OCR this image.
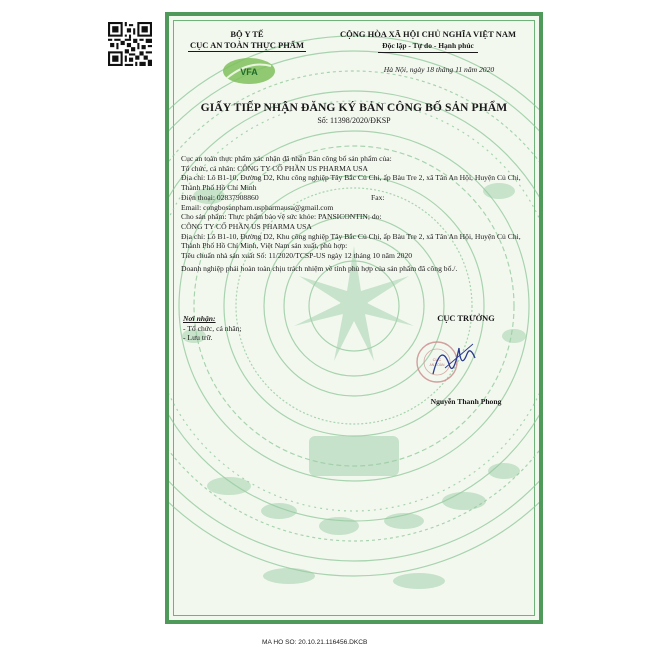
BỘ Y TẾ
CỤC AN TOÀN THỰC PHẨM
VFA
CỘNG HÒA XÃ HỘI CHỦ NGHĨA VIỆT NAM
Độc lập - Tự do - Hạnh phúc
Hà Nội, ngày 18 tháng 11 năm 2020
GIẤY TIẾP NHẬN ĐĂNG KÝ BẢN CÔNG BỐ SẢN PHẨM
Số: 11398/2020/ĐKSP

Cục an toàn thực phẩm xác nhận đã nhận Bản công bố sản phẩm của:

Tổ chức, cá nhân: CÔNG TY CỔ PHẦN US PHARMA USA

Địa chỉ: Lô B1-10, Đường D2, Khu công nghiệp Tây Bắc Củ Chi, ấp Bàu Tre 2, xã Tân An Hội, Huyện Củ Chi, Thành Phố Hồ Chí Minh

Điện thoại: 02837908860	Fax:

Email: congbosanpham.uspharmausa@gmail.com

Cho sản phẩm: Thực phẩm bảo vệ sức khỏe: PANSICONTIN; do:

CÔNG TY CỔ PHẦN US PHARMA USA

Địa chỉ: Lô B1-10, Đường D2, Khu công nghiệp Tây Bắc Củ Chi, ấp Bàu Tre 2, xã Tân An Hội, Huyện Củ Chi, Thành Phố Hồ Chí Minh, Việt Nam sản xuất, phù hợp:

Tiêu chuẩn nhà sản xuất Số: 11/2020/TCSP-US ngày 12 tháng 10 năm 2020

Doanh nghiệp phải hoàn toàn chịu trách nhiệm về tính phù hợp của sản phẩm đã công bố./.

Nơi nhận:
- Tổ chức, cá nhân;
- Lưu trữ.
CỤC TRƯỞNG
CỤC
AN TOÀN
Nguyễn Thanh Phong
MA HO SO: 20.10.21.116456.DKCB
